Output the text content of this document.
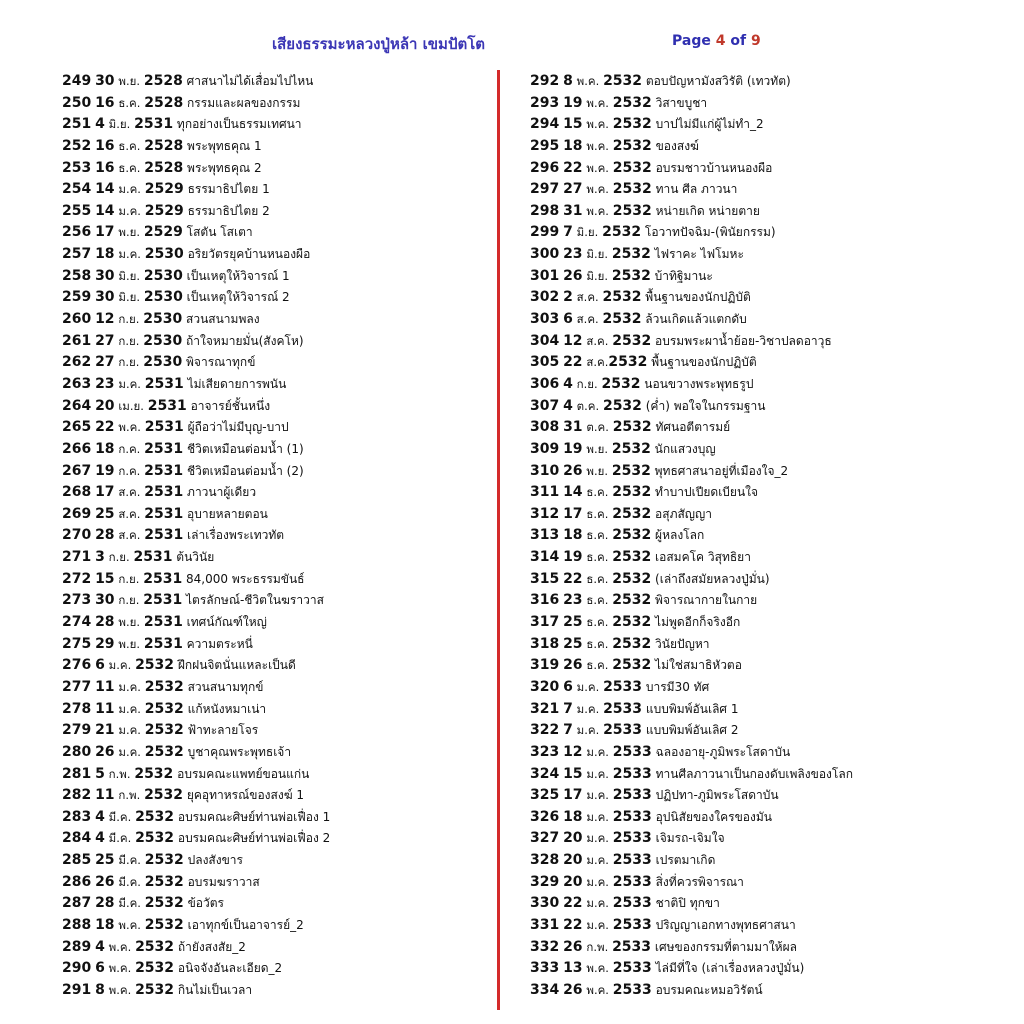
เสียงธรรมะหลวงปู่หล้า เขมปัตโต	Page 4 of 9
249 30 พ.ย. 2528 ศาสนาไม่ได้เสื่อมไปไหน
250 16 ธ.ค. 2528 กรรมและผลของกรรม
251 4 มิ.ย. 2531 ทุกอย่างเป็นธรรมเทศนา
252 16 ธ.ค. 2528 พระพุทธคุณ 1
253 16 ธ.ค. 2528 พระพุทธคุณ 2
254 14 ม.ค. 2529 ธรรมาธิปไตย 1
255 14 ม.ค. 2529 ธรรมาธิปไตย 2
256 17 พ.ย. 2529 โสตัน โสเตา
257 18 ม.ค. 2530 อริยวัตรยุคบ้านหนองผือ
258 30 มิ.ย. 2530 เป็นเหตุให้วิจารณ์ 1
259 30 มิ.ย. 2530 เป็นเหตุให้วิจารณ์ 2
260 12 ก.ย. 2530 สวนสนามพลง
261 27 ก.ย. 2530 ถ้าใจหมายมั่น(สังคโห)
262 27 ก.ย. 2530 พิจารณาทุกข์
263 23 ม.ค. 2531 ไม่เสียดายการพนัน
264 20 เม.ย. 2531 อาจารย์ชั้นหนึ่ง
265 22 พ.ค. 2531 ผู้ถือว่าไม่มีบุญ-บาป
266 18 ก.ค. 2531 ชีวิตเหมือนต่อมน้ำ (1)
267 19 ก.ค. 2531 ชีวิตเหมือนต่อมน้ำ (2)
268 17 ส.ค. 2531 ภาวนาผู้เดียว
269 25 ส.ค. 2531 อุบายหลายตอน
270 28 ส.ค. 2531 เล่าเรื่องพระเทวทัต
271 3 ก.ย. 2531 ต้นวินัย
272 15 ก.ย. 2531 84,000 พระธรรมขันธ์
273 30 ก.ย. 2531 ไตรลักษณ์-ชีวิตในฆราวาส
274 28 พ.ย. 2531 เทศน์กัณฑ์ใหญ่
275 29 พ.ย. 2531 ความตระหนี่
276 6 ม.ค. 2532 ฝึกฝนจิตนั่นแหละเป็นดี
277 11 ม.ค. 2532 สวนสนามทุกข์
278 11 ม.ค. 2532 แก้หนังหมาเน่า
279 21 ม.ค. 2532 ฟ้าทะลายโจร
280 26 ม.ค. 2532 บูชาคุณพระพุทธเจ้า
281 5 ก.พ. 2532 อบรมคณะแพทย์ขอนแก่น
282 11 ก.พ. 2532 ยุคอุทาหรณ์ของสงฆ์ 1
283 4 มี.ค. 2532 อบรมคณะศิษย์ท่านพ่อเฟื่อง 1
284 4 มี.ค. 2532 อบรมคณะศิษย์ท่านพ่อเฟื่อง 2
285 25 มี.ค. 2532 ปลงสังขาร
286 26 มี.ค. 2532 อบรมฆราวาส
287 28 มี.ค. 2532 ข้อวัตร
288 18 พ.ค. 2532 เอาทุกข์เป็นอาจารย์_2
289 4 พ.ค. 2532 ถ้ายังสงสัย_2
290 6 พ.ค. 2532 อนิจจังอันละเอียด_2
291 8 พ.ค. 2532 กินไม่เป็นเวลา
292 8 พ.ค. 2532 ตอบปัญหามังสวิรัติ (เทวทัต)
293 19 พ.ค. 2532 วิสาขบูชา
294 15 พ.ค. 2532 บาปไม่มีแก่ผู้ไม่ทำ_2
295 18 พ.ค. 2532 ของสงฆ์
296 22 พ.ค. 2532 อบรมชาวบ้านหนองผือ
297 27 พ.ค. 2532 ทาน ศีล ภาวนา
298 31 พ.ค. 2532 หน่ายเกิด หน่ายตาย
299 7 มิ.ย. 2532 โอวาทปัจฉิม-(พินัยกรรม)
300 23 มิ.ย. 2532 ไฟราคะ ไฟโมหะ
301 26 มิ.ย. 2532 บ้าทิฐิมานะ
302 2 ส.ค. 2532 พื้นฐานของนักปฏิบัติ
303 6 ส.ค. 2532 ล้วนเกิดแล้วแตกดับ
304 12 ส.ค. 2532 อบรมพระผาน้ำย้อย-วิชาปลดอาวุธ
305 22 ส.ค.2532 พื้นฐานของนักปฏิบัติ
306 4 ก.ย. 2532 นอนขวางพระพุทธรูป
307 4 ต.ค. 2532 (ค่ำ) พอใจในกรรมฐาน
308 31 ต.ค. 2532 ทัศนอตีตารมย์
309 19 พ.ย. 2532 นักแสวงบุญ
310 26 พ.ย. 2532 พุทธศาสนาอยู่ที่เมืองใจ_2
311 14 ธ.ค. 2532 ทำบาปเปียดเบียนใจ
312 17 ธ.ค. 2532 อสุภสัญญา
313 18 ธ.ค. 2532 ผู้หลงโลก
314 19 ธ.ค. 2532 เอสมคโค วิสุทธิยา
315 22 ธ.ค. 2532 (เล่าถึงสมัยหลวงปู่มั่น)
316 23 ธ.ค. 2532 พิจารณากายในกาย
317 25 ธ.ค. 2532 ไม่พูดอีกก็จริงอีก
318 25 ธ.ค. 2532 วินัยปัญหา
319 26 ธ.ค. 2532 ไม่ใช่สมาธิหัวตอ
320 6 ม.ค. 2533 บารมี30 ทัศ
321 7 ม.ค. 2533 แบบพิมพ์อันเลิศ 1
322 7 ม.ค. 2533 แบบพิมพ์อันเลิศ 2
323 12 ม.ค. 2533 ฉลองอายุ-ภูมิพระโสดาบัน
324 15 ม.ค. 2533 ทานศีลภาวนาเป็นกองดับเพลิงของโลก
325 17 ม.ค. 2533 ปฏิปทา-ภูมิพระโสดาบัน
326 18 ม.ค. 2533 อุปนิสัยของใครของมัน
327 20 ม.ค. 2533 เจิมรถ-เจิมใจ
328 20 ม.ค. 2533 เปรตมาเกิด
329 20 ม.ค. 2533 สิ่งที่ควรพิจารณา
330 22 ม.ค. 2533 ชาติปิ ทุกขา
331 22 ม.ค. 2533 ปริญญาเอกทางพุทธศาสนา
332 26 ก.พ. 2533 เศษของกรรมที่ตามมาให้ผล
333 13 พ.ค. 2533 ไล่มีที่ใจ (เล่าเรื่องหลวงปู่มั่น)
334 26 พ.ค. 2533 อบรมคณะหมอวิรัตน์
